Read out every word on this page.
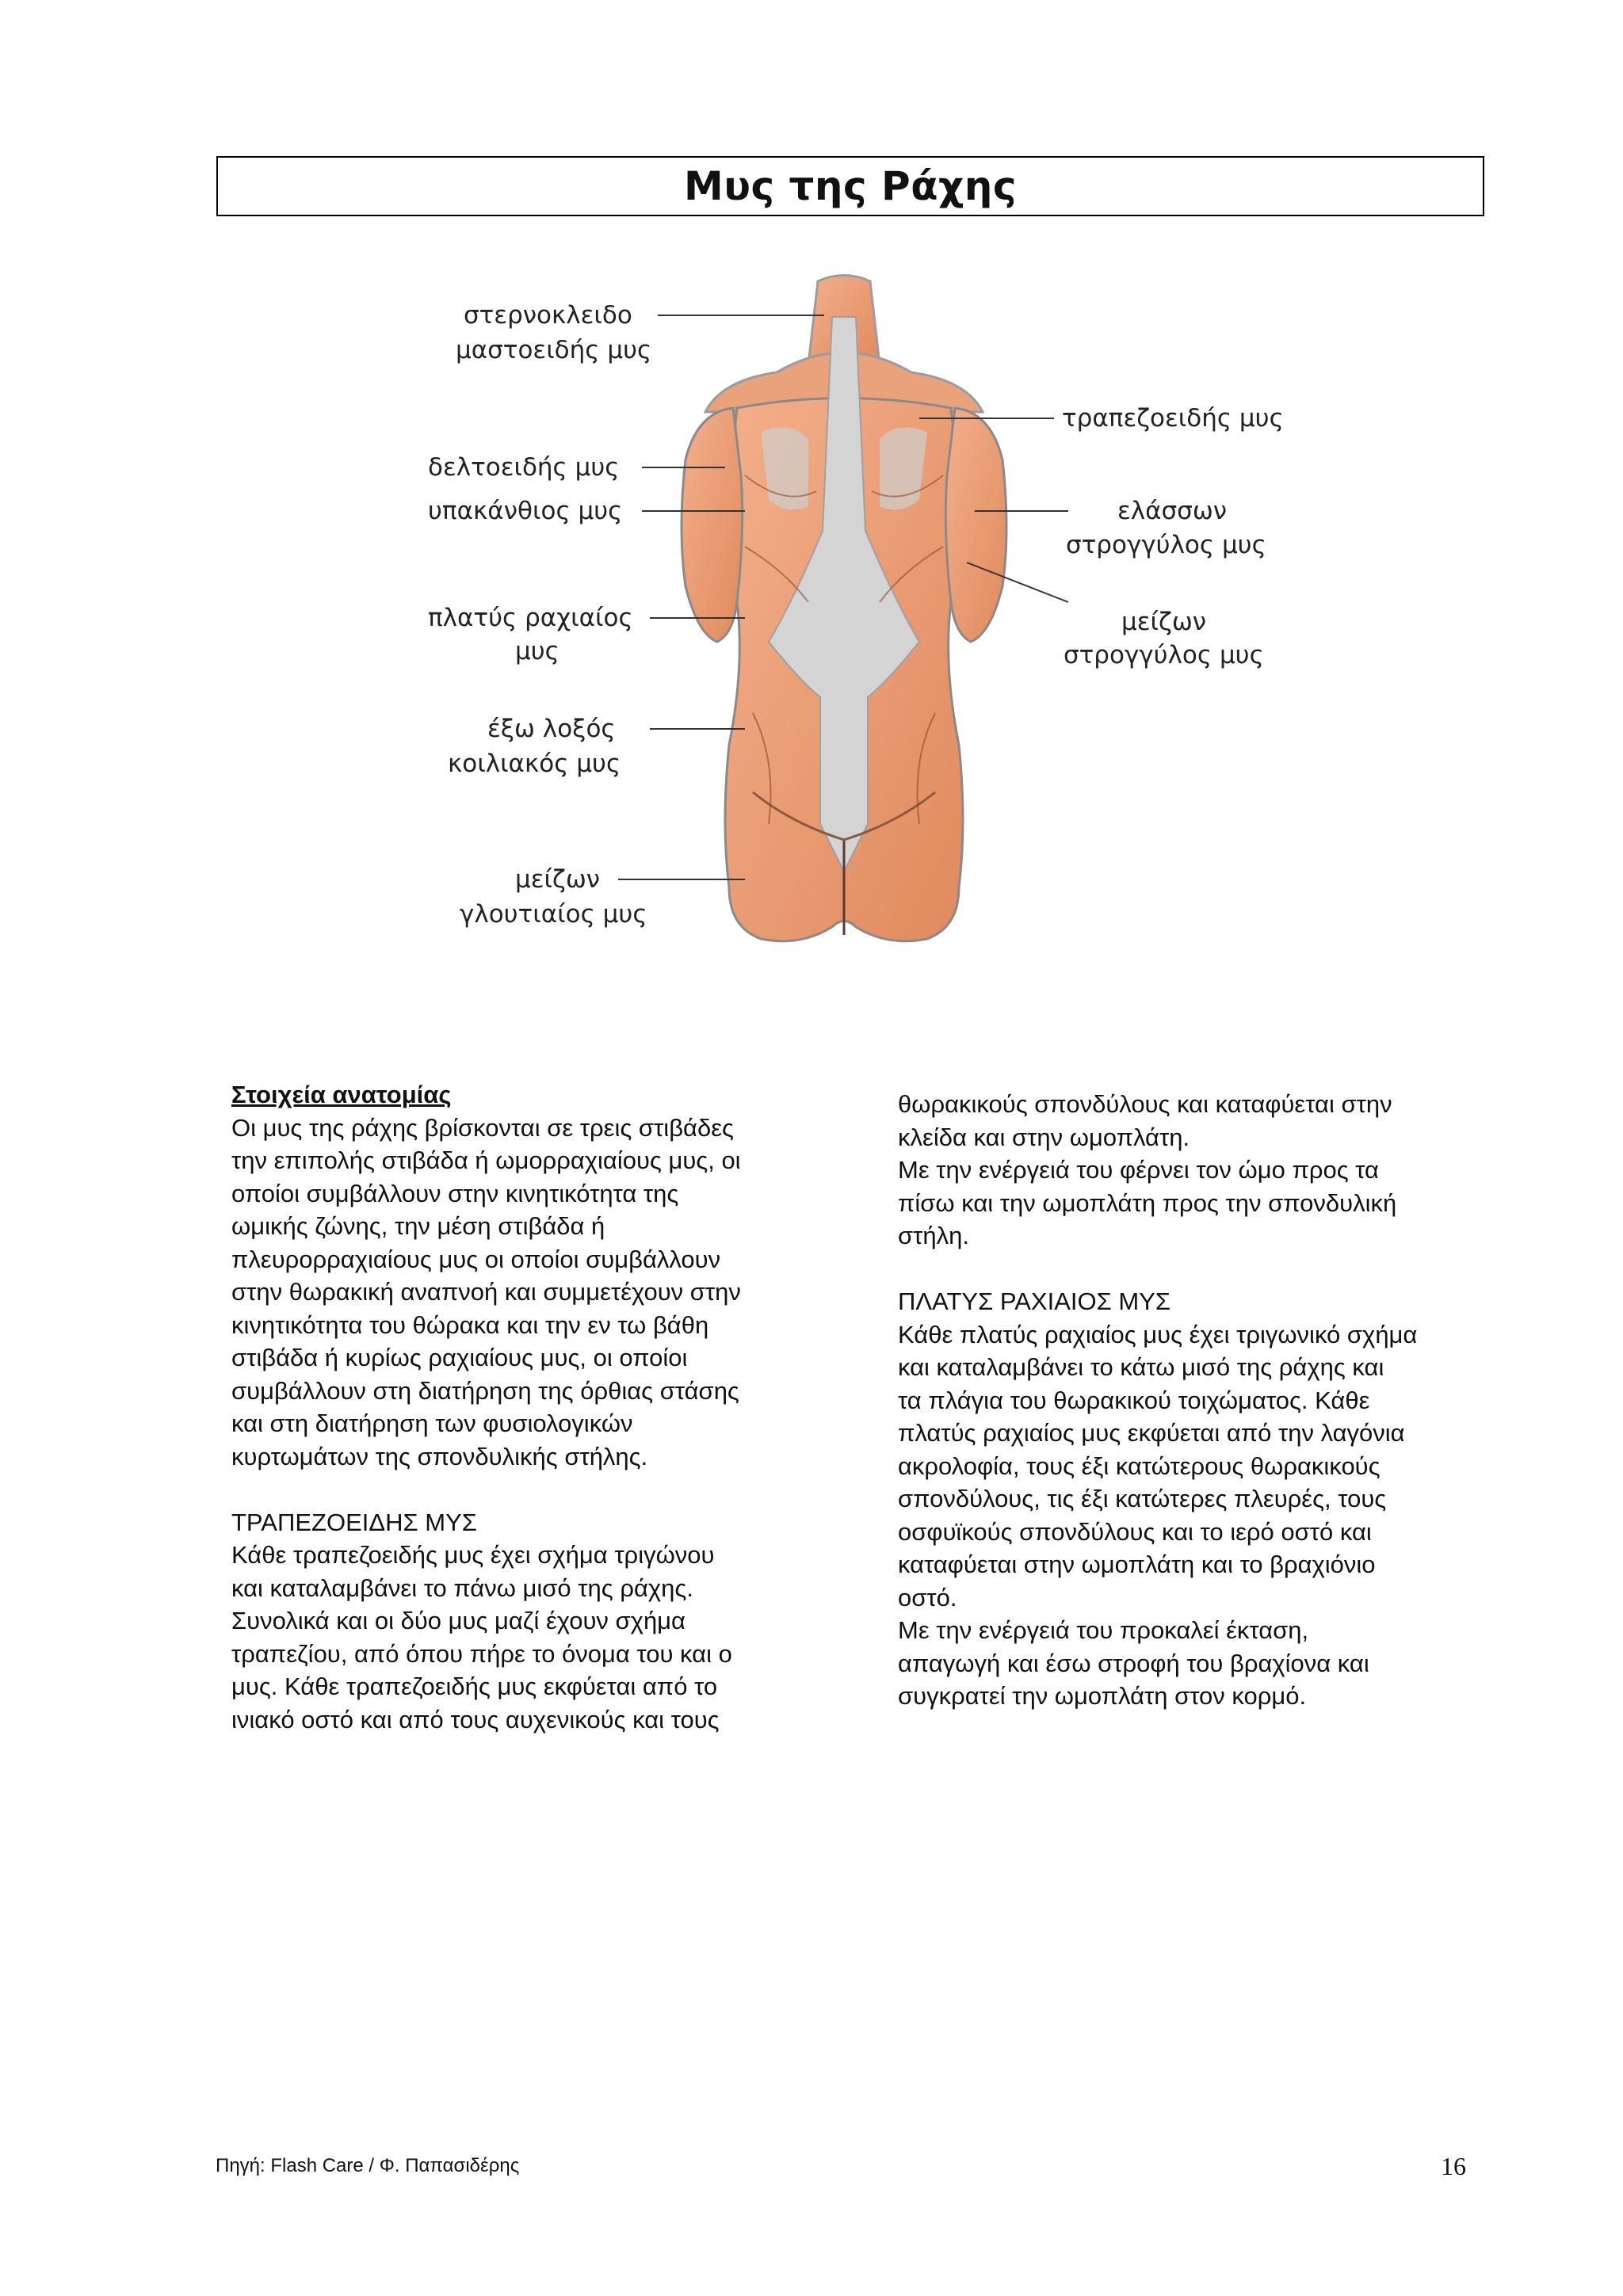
Μυς της Ράχης
στερνοκλειδο
μαστοειδής μυς
τραπεζοειδής μυς
δελτοειδής μυς
υπακάνθιος μυς	ελάσσων
στρογγύλος μυς
πλατύς ραχιαίος
μυς
μείζων
στρογγύλος μυς
έξω λοξός
κοιλιακός μυς
μείζων
γλουτιαίος μυς

Στοιχεία ανατομίας

Οι μυς της ράχης βρίσκονται σε τρεις στιβάδες

την επιπολής στιβάδα ή ωμορραχιαίους μυς, οι

οποίοι συμβάλλουν στην κινητικότητα της

ωμικής ζώνης, την μέση στιβάδα ή

πλευρορραχιαίους μυς οι οποίοι συμβάλλουν

στην θωρακική αναπνοή και συμμετέχουν στην

κινητικότητα του θώρακα και την εν τω βάθη

στιβάδα ή κυρίως ραχιαίους μυς, οι οποίοι

συμβάλλουν στη διατήρηση της όρθιας στάσης

και στη διατήρηση των φυσιολογικών

κυρτωμάτων της σπονδυλικής στήλης.

ΤΡΑΠΕΖΟΕΙΔΗΣ ΜΥΣ

Κάθε τραπεζοειδής μυς έχει σχήμα τριγώνου

και καταλαμβάνει το πάνω μισό της ράχης.

Συνολικά και οι δύο μυς μαζί έχουν σχήμα

τραπεζίου, από όπου πήρε το όνομα του και ο

μυς. Κάθε τραπεζοειδής μυς εκφύεται από το

ινιακό οστό και από τους αυχενικούς και τους

θωρακικούς σπονδύλους και καταφύεται στην

κλείδα και στην ωμοπλάτη.

Με την ενέργειά του φέρνει τον ώμο προς τα

πίσω και την ωμοπλάτη προς την σπονδυλική

στήλη.

ΠΛΑΤΥΣ ΡΑΧΙΑΙΟΣ ΜΥΣ

Κάθε πλατύς ραχιαίος μυς έχει τριγωνικό σχήμα

και καταλαμβάνει το κάτω μισό της ράχης και

τα πλάγια του θωρακικού τοιχώματος. Κάθε

πλατύς ραχιαίος μυς εκφύεται από την λαγόνια

ακρολοφία, τους έξι κατώτερους θωρακικούς

σπονδύλους, τις έξι κατώτερες πλευρές, τους

οσφυϊκούς σπονδύλους και το ιερό οστό και

καταφύεται στην ωμοπλάτη και το βραχιόνιο

οστό.

Με την ενέργειά του προκαλεί έκταση,

απαγωγή και έσω στροφή του βραχίονα και

συγκρατεί την ωμοπλάτη στον κορμό.

Πηγή: Flash Care / Φ. Παπασιδέρης	16
